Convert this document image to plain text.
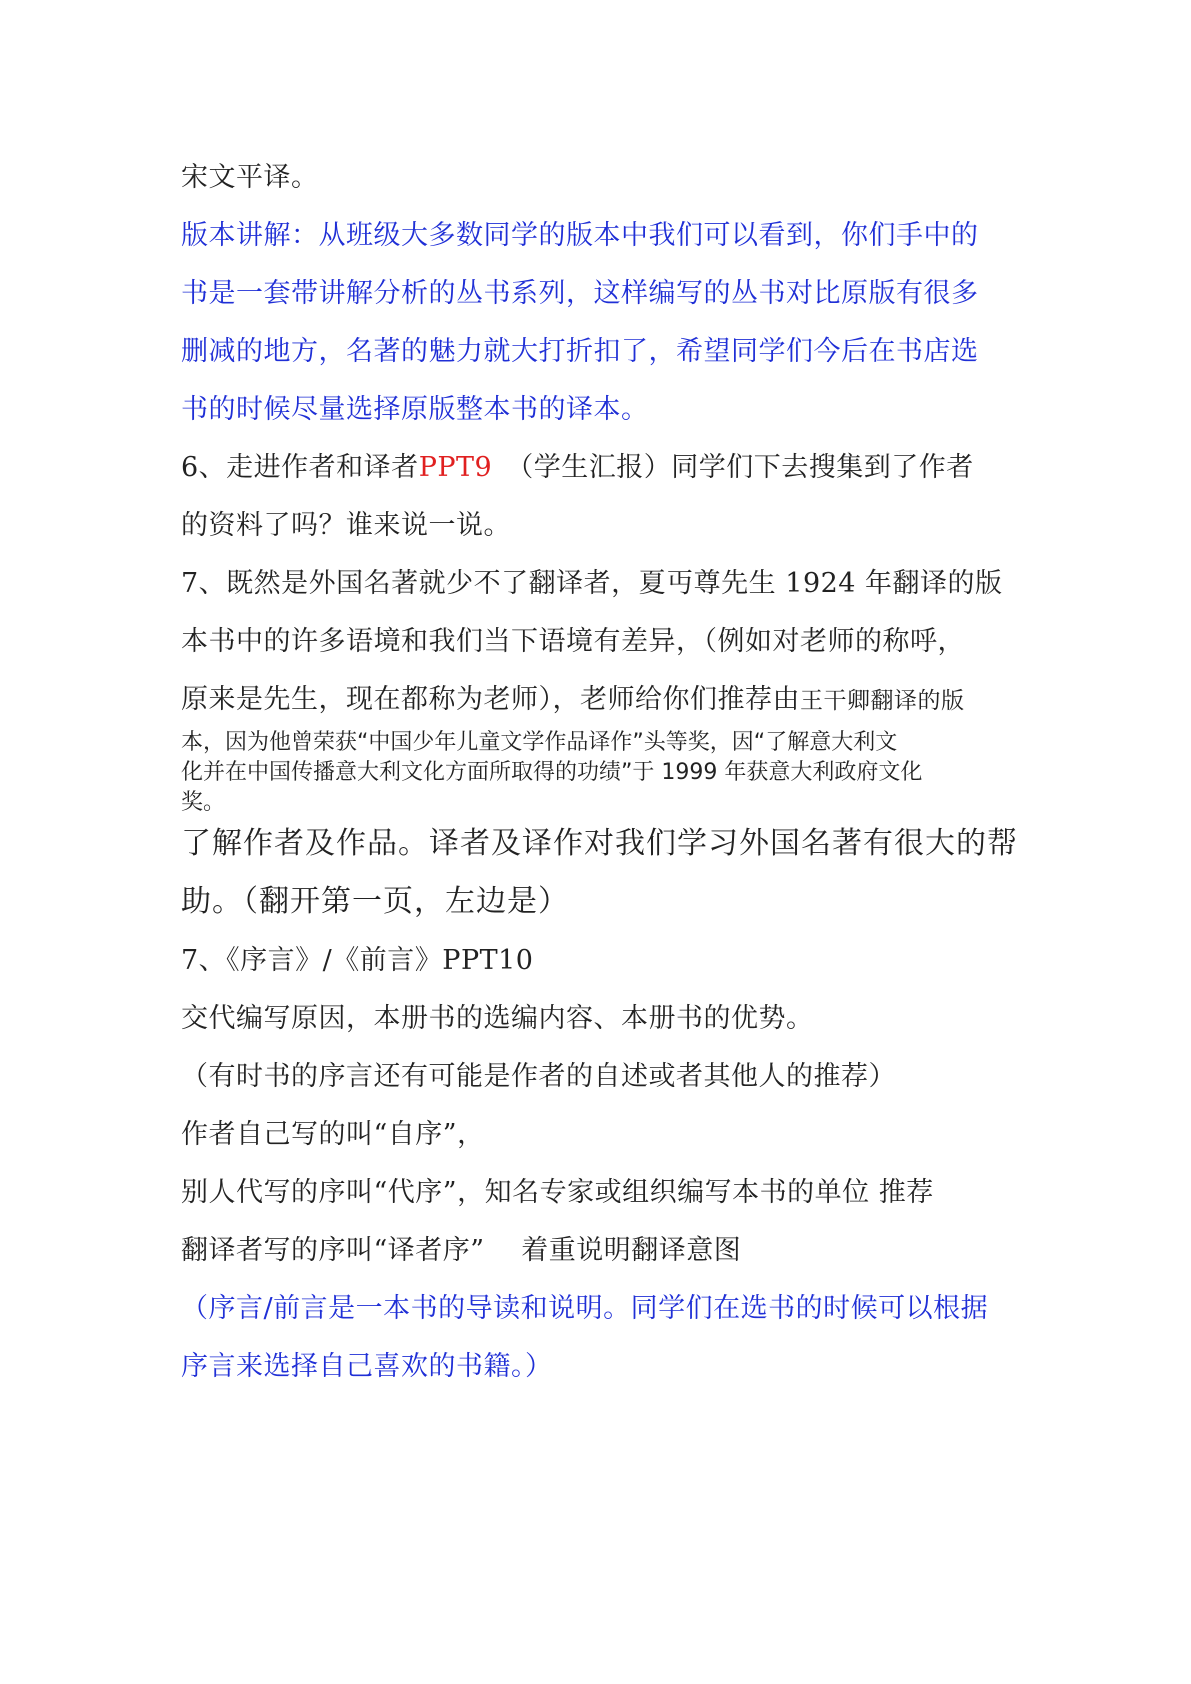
宋文平译。
版本讲解：从班级大多数同学的版本中我们可以看到，你们手中的
书是一套带讲解分析的丛书系列，这样编写的丛书对比原版有很多
删减的地方，名著的魅力就大打折扣了，希望同学们今后在书店选
书的时候尽量选择原版整本书的译本。
6、走进作者和译者PPT9　（学生汇报）同学们下去搜集到了作者
的资料了吗？谁来说一说。
7、既然是外国名著就少不了翻译者，夏丏尊先生 1924 年翻译的版
本书中的许多语境和我们当下语境有差异，（例如对老师的称呼，
原来是先生，现在都称为老师），老师给你们推荐由王干卿翻译的版
本，因为他曾荣获“中国少年儿童文学作品译作”头等奖，因“了解意大利文
化并在中国传播意大利文化方面所取得的功绩”于 1999 年获意大利政府文化
奖。
了解作者及作品。译者及译作对我们学习外国名著有很大的帮
助。（翻开第一页，左边是）
7、《序言》/《前言》PPT10
交代编写原因，本册书的选编内容、本册书的优势。
（有时书的序言还有可能是作者的自述或者其他人的推荐）
作者自己写的叫“自序”，
别人代写的序叫“代序”，知名专家或组织编写本书的单位 推荐
翻译者写的序叫“译者序”　 着重说明翻译意图
（序言/前言是一本书的导读和说明。同学们在选书的时候可以根据
序言来选择自己喜欢的书籍。）
